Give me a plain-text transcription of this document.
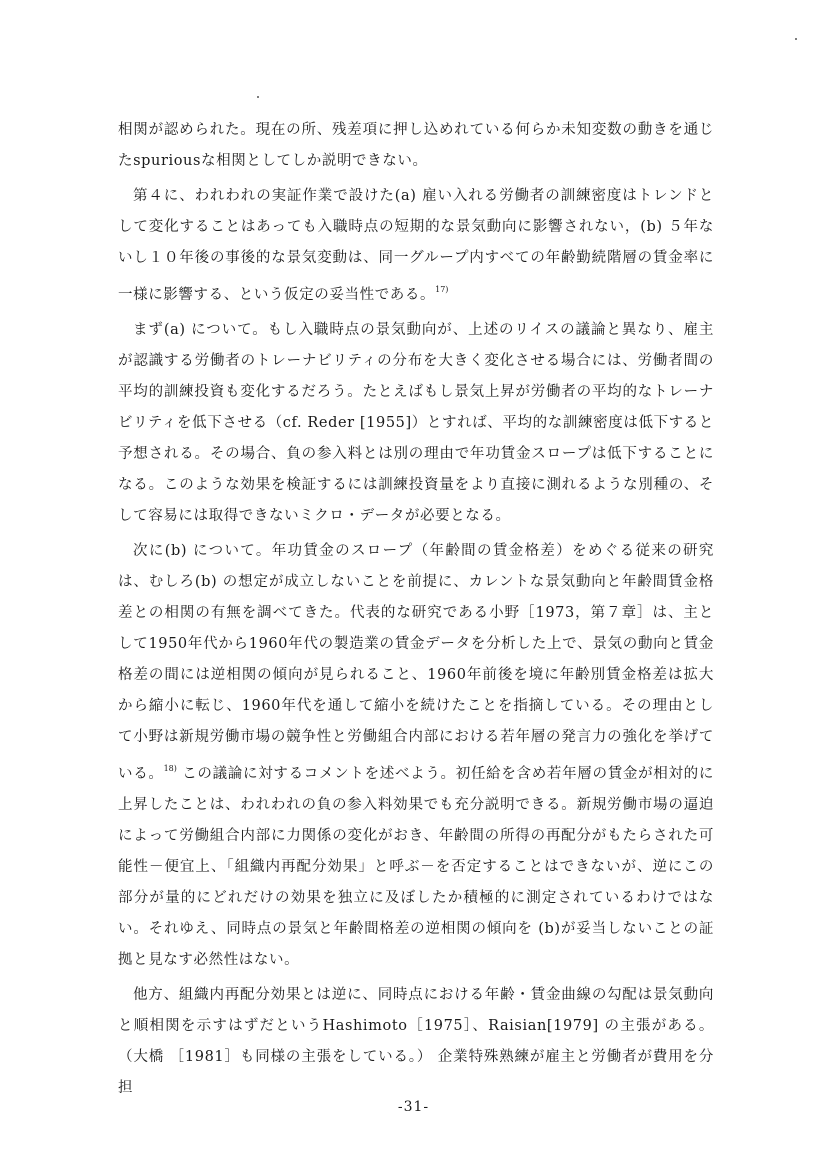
相関が認められた。現在の所、残差項に押し込めれている何らか未知変数の動きを通じたspuriousな相関としてしか説明できない。

第４に、われわれの実証作業で設けた(a) 雇い入れる労働者の訓練密度はトレンドとして変化することはあっても入職時点の短期的な景気動向に影響されない，(b) ５年ないし１０年後の事後的な景気変動は、同一グループ内すべての年齢勤続階層の賃金率に一様に影響する、という仮定の妥当性である。$^{17)}$

まず(a) について。もし入職時点の景気動向が、上述のリイスの議論と異なり、雇主が認識する労働者のトレーナビリティの分布を大きく変化させる場合には、労働者間の平均的訓練投資も変化するだろう。たとえばもし景気上昇が労働者の平均的なトレーナビリティを低下させる（cf. Reder [1955]）とすれば、平均的な訓練密度は低下すると予想される。その場合、負の参入料とは別の理由で年功賃金スロープは低下することになる。このような効果を検証するには訓練投資量をより直接に測れるような別種の、そして容易には取得できないミクロ・データが必要となる。

次に(b) について。年功賃金のスロープ（年齢間の賃金格差）をめぐる従来の研究は、むしろ(b) の想定が成立しないことを前提に、カレントな景気動向と年齢間賃金格差との相関の有無を調べてきた。代表的な研究である小野［1973，第７章］は、主として1950年代から1960年代の製造業の賃金データを分析した上で、景気の動向と賃金格差の間には逆相関の傾向が見られること、1960年前後を境に年齢別賃金格差は拡大から縮小に転じ、1960年代を通して縮小を続けたことを指摘している。その理由として小野は新規労働市場の競争性と労働組合内部における若年層の発言力の強化を挙げている。$^{18)}$ この議論に対するコメントを述べよう。初任給を含め若年層の賃金が相対的に上昇したことは、われわれの負の参入料効果でも充分説明できる。新規労働市場の逼迫によって労働組合内部に力関係の変化がおき、年齢間の所得の再配分がもたらされた可能性－便宜上、「組織内再配分効果」と呼ぶ－を否定することはできないが、逆にこの部分が量的にどれだけの効果を独立に及ぼしたか積極的に測定されているわけではない。それゆえ、同時点の景気と年齢間格差の逆相関の傾向を (b)が妥当しないことの証拠と見なす必然性はない。

他方、組織内再配分効果とは逆に、同時点における年齢・賃金曲線の勾配は景気動向と順相関を示すはずだというHashimoto［1975］、Raisian[1979] の主張がある。（大橋 ［1981］も同様の主張をしている。） 企業特殊熟練が雇主と労働者が費用を分担

-31-
